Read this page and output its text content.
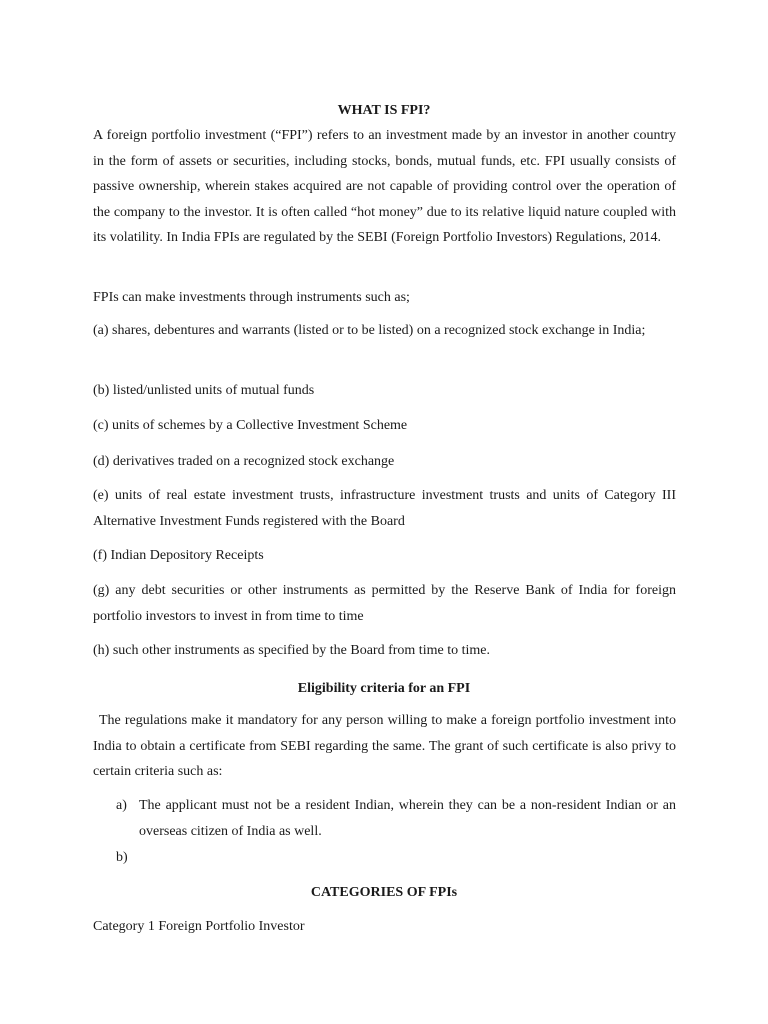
WHAT IS FPI?

A foreign portfolio investment (“FPI”) refers to an investment made by an investor in another country in the form of assets or securities, including stocks, bonds, mutual funds, etc. FPI usually consists of passive ownership, wherein stakes acquired are not capable of providing control over the operation of the company to the investor. It is often called “hot money” due to its relative liquid nature coupled with its volatility. In India FPIs are regulated by the SEBI (Foreign Portfolio Investors) Regulations, 2014.

FPIs can make investments through instruments such as;

(a) shares, debentures and warrants (listed or to be listed) on a recognized stock exchange in India;

(b) listed/unlisted units of mutual funds

(c) units of schemes by a Collective Investment Scheme

(d) derivatives traded on a recognized stock exchange

(e) units of real estate investment trusts, infrastructure investment trusts and units of Category III Alternative Investment Funds registered with the Board

(f) Indian Depository Receipts

(g) any debt securities or other instruments as permitted by the Reserve Bank of India for foreign portfolio investors to invest in from time to time

(h) such other instruments as specified by the Board from time to time.

Eligibility criteria for an FPI

The regulations make it mandatory for any person willing to make a foreign portfolio investment into India to obtain a certificate from SEBI regarding the same. The grant of such certificate is also privy to certain criteria such as:

a) The applicant must not be a resident Indian, wherein they can be a non-resident Indian or an overseas citizen of India as well.
b)
CATEGORIES OF FPIs

Category 1 Foreign Portfolio Investor
